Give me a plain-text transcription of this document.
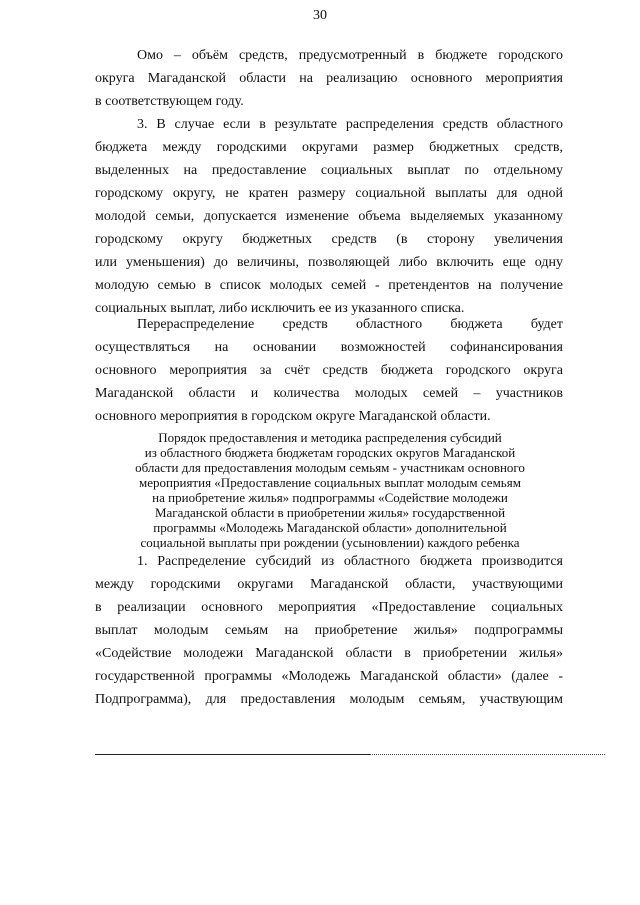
30
Омо – объём средств, предусмотренный в бюджете городского
округа Магаданской области на реализацию основного мероприятия
в соответствующем году.
3. В случае если в результате распределения средств областного
бюджета между городскими округами размер бюджетных средств,
выделенных на предоставление социальных выплат по отдельному
городскому округу, не кратен размеру социальной выплаты для одной
молодой семьи, допускается изменение объема выделяемых указанному
городскому округу бюджетных средств (в сторону увеличения
или уменьшения) до величины, позволяющей либо включить еще одну
молодую семью в список молодых семей - претендентов на получение
социальных выплат, либо исключить ее из указанного списка.
Перераспределение средств областного бюджета будет
осуществляться на основании возможностей софинансирования
основного мероприятия за счёт средств бюджета городского округа
Магаданской области и количества молодых семей – участников
основного мероприятия в городском округе Магаданской области.
Порядок предоставления и методика распределения субсидий
из областного бюджета бюджетам городских округов Магаданской
области для предоставления молодым семьям - участникам основного
мероприятия «Предоставление социальных выплат молодым семьям
на приобретение жилья» подпрограммы «Содействие молодежи
Магаданской области в приобретении жилья» государственной
программы «Молодежь Магаданской области» дополнительной
социальной выплаты при рождении (усыновлении) каждого ребенка
1. Распределение субсидий из областного бюджета производится
между городскими округами Магаданской области, участвующими
в реализации основного мероприятия «Предоставление социальных
выплат молодым семьям на приобретение жилья» подпрограммы
«Содействие молодежи Магаданской области в приобретении жилья»
государственной программы «Молодежь Магаданской области» (далее -
Подпрограмма), для предоставления молодым семьям, участвующим
